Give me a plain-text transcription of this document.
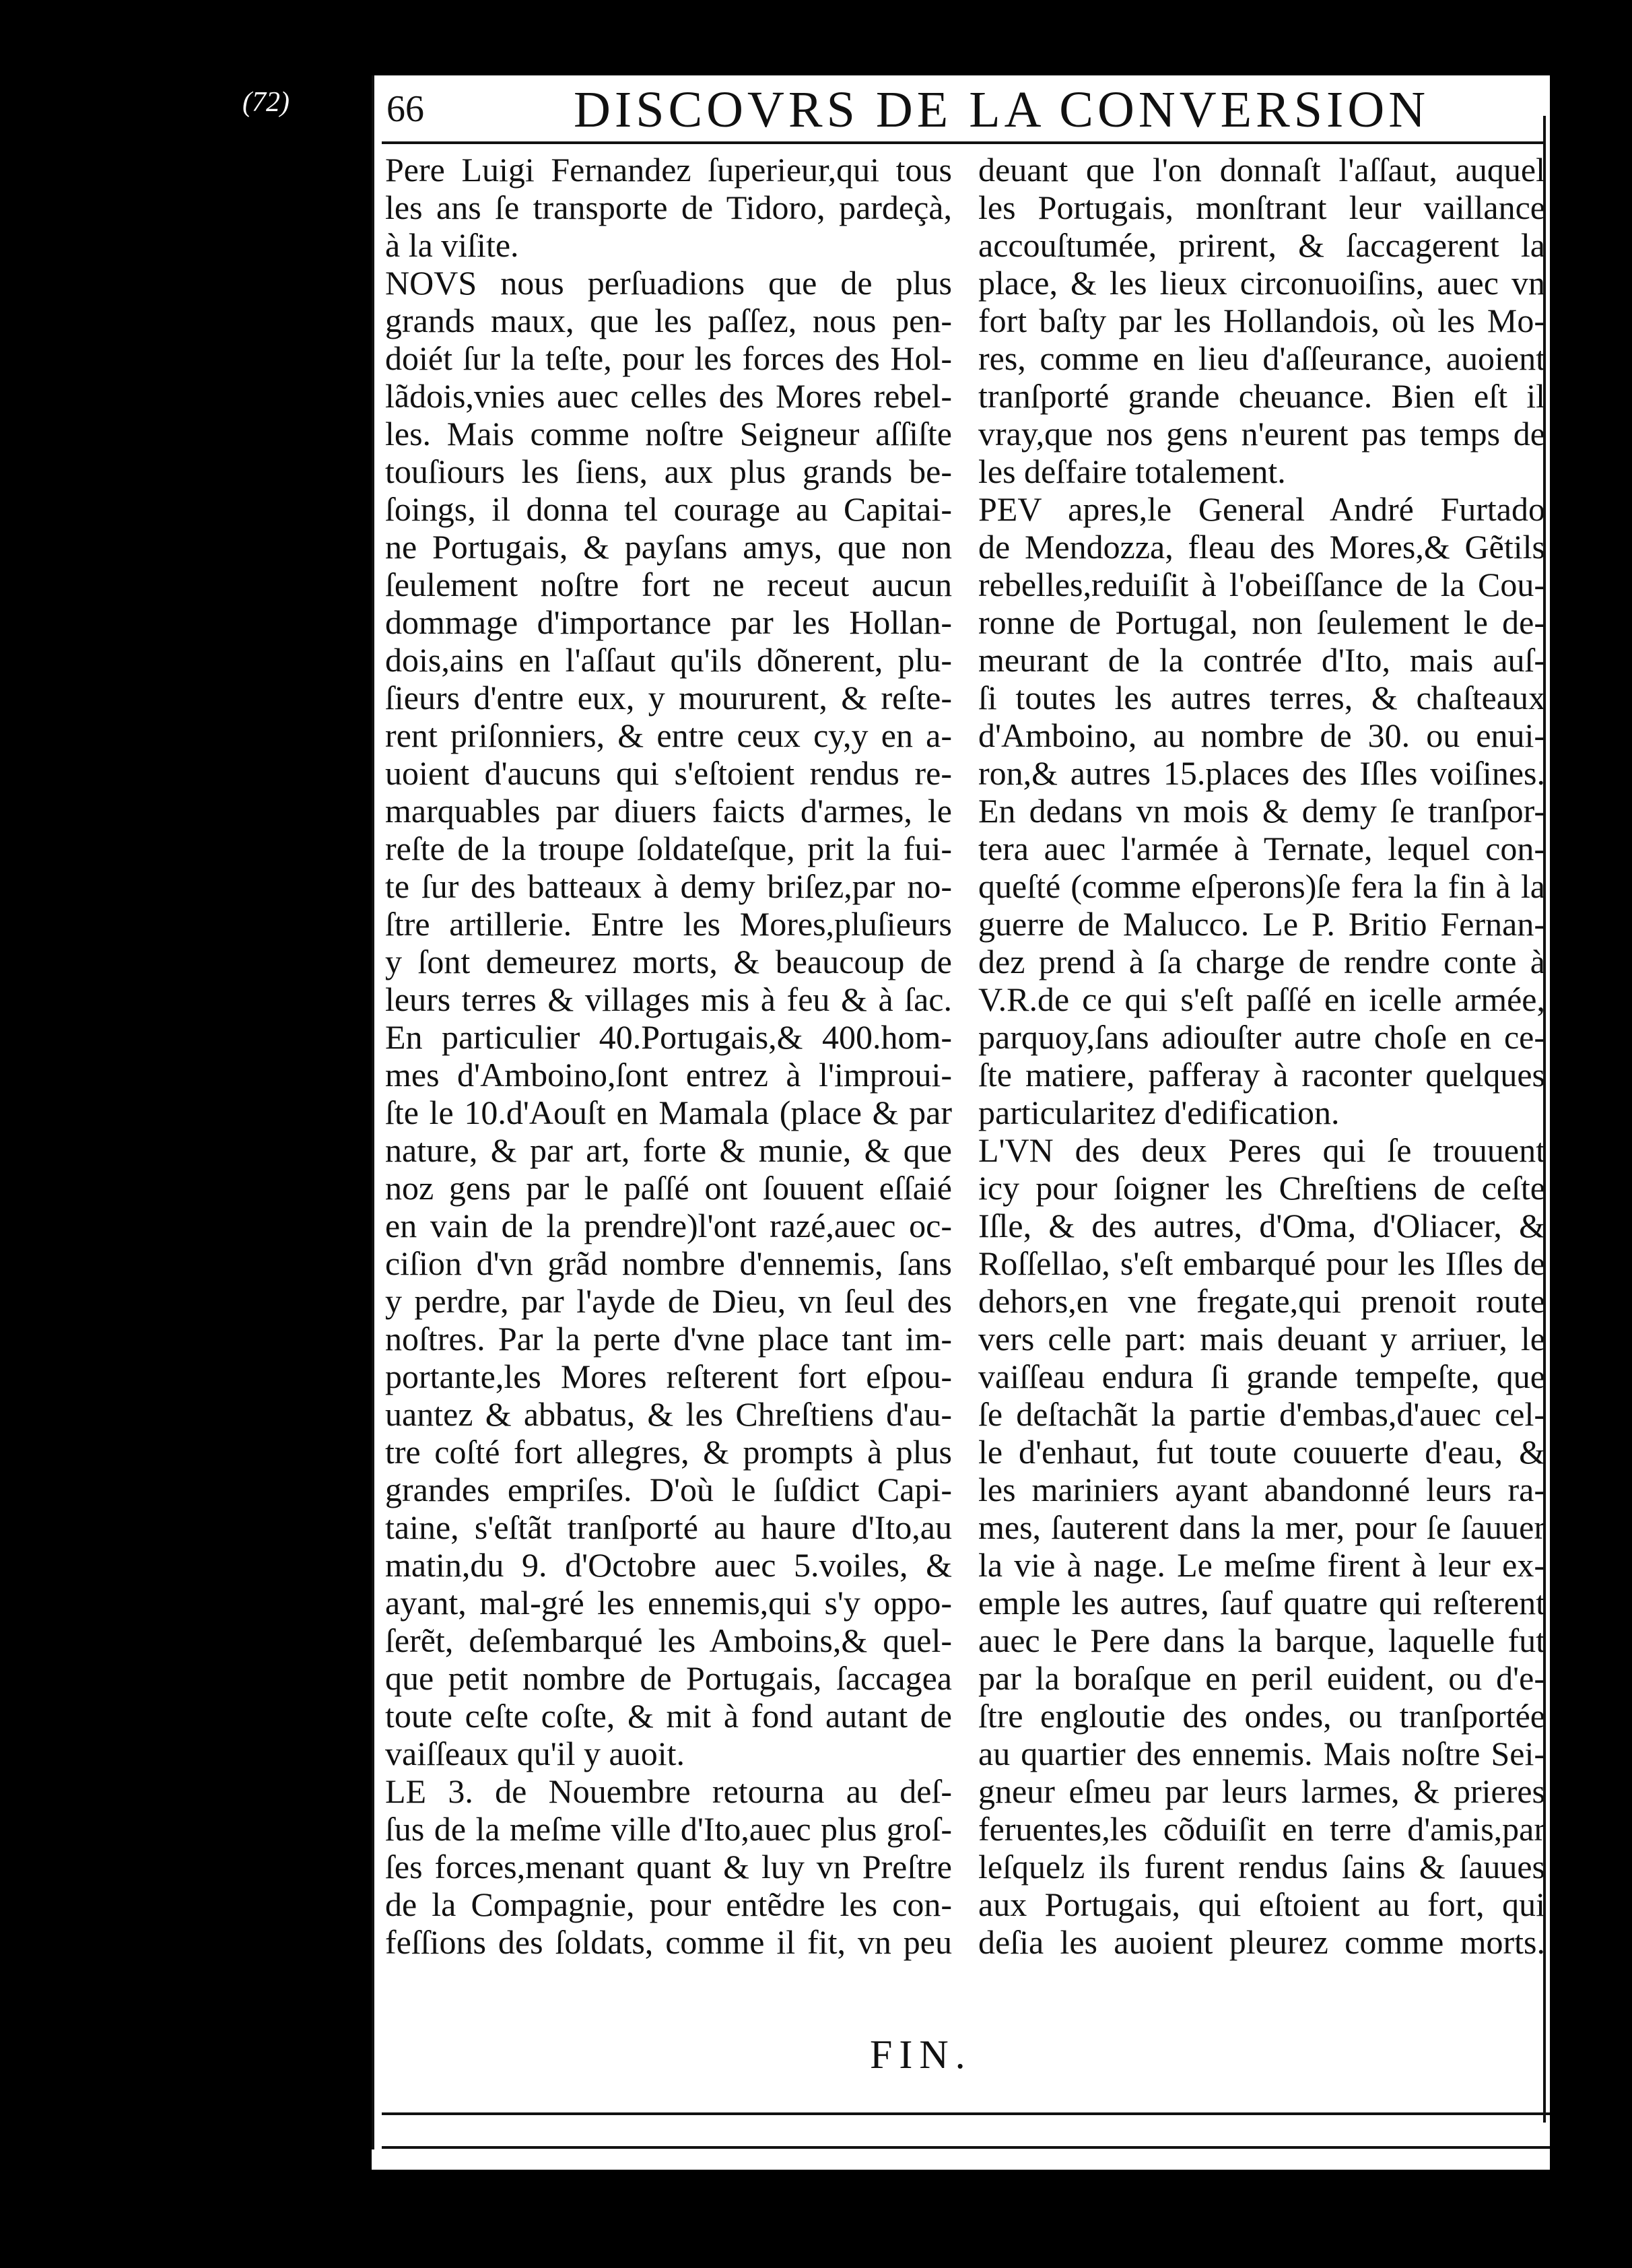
(72)	66	DISCOVRS DE LA CONVERSION
Pere Luigi Fernandez ſuperieur,qui tous
les ans ſe transporte de Tidoro, pardeçà,
à la viſite.
NOVS nous perſuadions que de plus
grands maux, que les paſſez, nous pen-
doiét ſur la teſte, pour les forces des Hol-
lãdois,vnies auec celles des Mores rebel-
les. Mais comme noſtre Seigneur aſſiſte
touſiours les ſiens, aux plus grands be-
ſoings, il donna tel courage au Capitai-
ne Portugais, & payſans amys, que non
ſeulement noſtre fort ne receut aucun
dommage d'importance par les Hollan-
dois,ains en l'aſſaut qu'ils dõnerent, plu-
ſieurs d'entre eux, y moururent, & reſte-
rent priſonniers, & entre ceux cy,y en a-
uoient d'aucuns qui s'eſtoient rendus re-
marquables par diuers faicts d'armes, le
reſte de la troupe ſoldateſque, prit la fui-
te ſur des batteaux à demy briſez,par no-
ſtre artillerie. Entre les Mores,pluſieurs
y ſont demeurez morts, & beaucoup de
leurs terres & villages mis à feu & à ſac.
En particulier 40.Portugais,& 400.hom-
mes d'Amboino,ſont entrez à l'improui-
ſte le 10.d'Aouſt en Mamala (place & par
nature, & par art, forte & munie, & que
noz gens par le paſſé ont ſouuent eſſaié
en vain de la prendre)l'ont razé,auec oc-
ciſion d'vn grãd nombre d'ennemis, ſans
y perdre, par l'ayde de Dieu, vn ſeul des
noſtres. Par la perte d'vne place tant im-
portante,les Mores reſterent fort eſpou-
uantez & abbatus, & les Chreſtiens d'au-
tre coſté fort allegres, & prompts à plus
grandes empriſes. D'où le ſuſdict Capi-
taine, s'eſtãt tranſporté au haure d'Ito,au
matin,du 9. d'Octobre auec 5.voiles, &
ayant, mal-gré les ennemis,qui s'y oppo-
ſerẽt, deſembarqué les Amboins,& quel-
que petit nombre de Portugais, ſaccagea
toute ceſte coſte, & mit à fond autant de
vaiſſeaux qu'il y auoit.
LE 3. de Nouembre retourna au deſ-
ſus de la meſme ville d'Ito,auec plus groſ-
ſes forces,menant quant & luy vn Preſtre
de la Compagnie, pour entẽdre les con-
feſſions des ſoldats, comme il fit, vn peu
deuant que l'on donnaſt l'aſſaut, auquel
les Portugais, monſtrant leur vaillance
accouſtumée, prirent, & ſaccagerent la
place, & les lieux circonuoiſins, auec vn
fort baſty par les Hollandois, où les Mo-
res, comme en lieu d'aſſeurance, auoient
tranſporté grande cheuance. Bien eſt il
vray,que nos gens n'eurent pas temps de
les deſfaire totalement.
PEV apres,le General André Furtado
de Mendozza, fleau des Mores,& Gẽtils
rebelles,reduiſit à l'obeiſſance de la Cou-
ronne de Portugal, non ſeulement le de-
meurant de la contrée d'Ito, mais auſ-
ſi toutes les autres terres, & chaſteaux
d'Amboino, au nombre de 30. ou enui-
ron,& autres 15.places des Iſles voiſines.
En dedans vn mois & demy ſe tranſpor-
tera auec l'armée à Ternate, lequel con-
queſté (comme eſperons)ſe fera la fin à la
guerre de Malucco. Le P. Britio Fernan-
dez prend à ſa charge de rendre conte à
V.R.de ce qui s'eſt paſſé en icelle armée,
parquoy,ſans adiouſter autre choſe en ce-
ſte matiere, pafferay à raconter quelques
particularitez d'edification.
L'VN des deux Peres qui ſe trouuent
icy pour ſoigner les Chreſtiens de ceſte
Iſle, & des autres, d'Oma, d'Oliacer, &
Roſſellao, s'eſt embarqué pour les Iſles de
dehors,en vne fregate,qui prenoit route
vers celle part: mais deuant y arriuer, le
vaiſſeau endura ſi grande tempeſte, que
ſe deſtachãt la partie d'embas,d'auec cel-
le d'enhaut, fut toute couuerte d'eau, &
les mariniers ayant abandonné leurs ra-
mes, ſauterent dans la mer, pour ſe ſauuer
la vie à nage. Le meſme firent à leur ex-
emple les autres, ſauf quatre qui reſterent
auec le Pere dans la barque, laquelle fut
par la boraſque en peril euident, ou d'e-
ſtre engloutie des ondes, ou tranſportée
au quartier des ennemis. Mais noſtre Sei-
gneur eſmeu par leurs larmes, & prieres
feruentes,les cõduiſit en terre d'amis,par
leſquelz ils furent rendus ſains & ſauues
aux Portugais, qui eſtoient au fort, qui
deſia les auoient pleurez comme morts.
FIN.
